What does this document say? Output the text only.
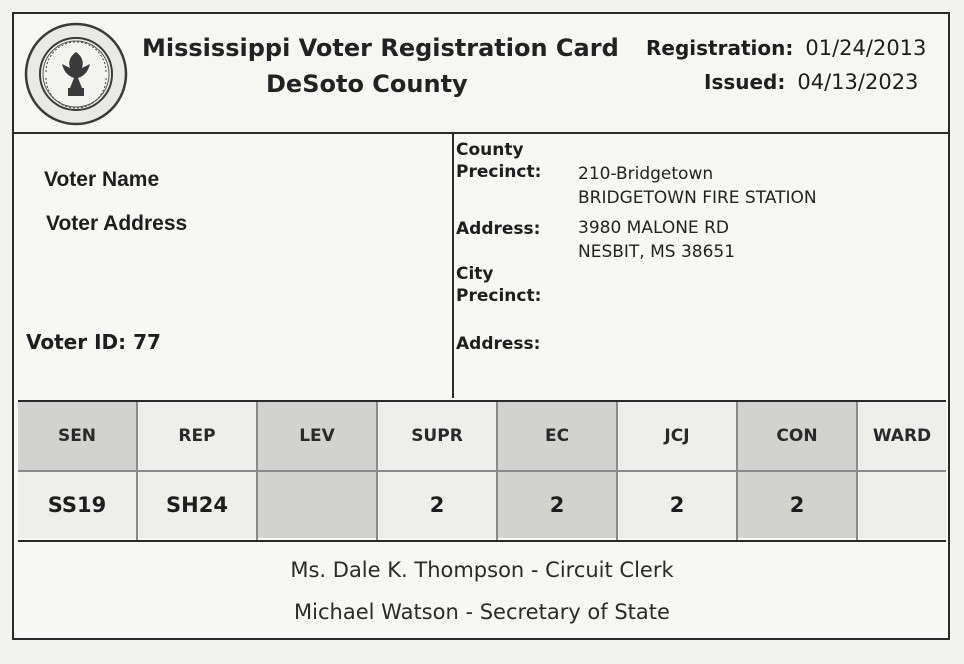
Mississippi Voter Registration Card
DeSoto County
Registration: 01/24/2013
Issued: 04/13/2023
Voter Name
Voter Address
Voter ID: 77
County
Precinct: 210-Bridgetown
BRIDGETOWN FIRE STATION
Address: 3980 MALONE RD
NESBIT, MS 38651
City
Precinct:
Address:
SEN
SS19
REP
SH24
LEV	SUPR
2
EC
2
JCJ
2
CON
2
WARD
Ms. Dale K. Thompson - Circuit Clerk
Michael Watson - Secretary of State
